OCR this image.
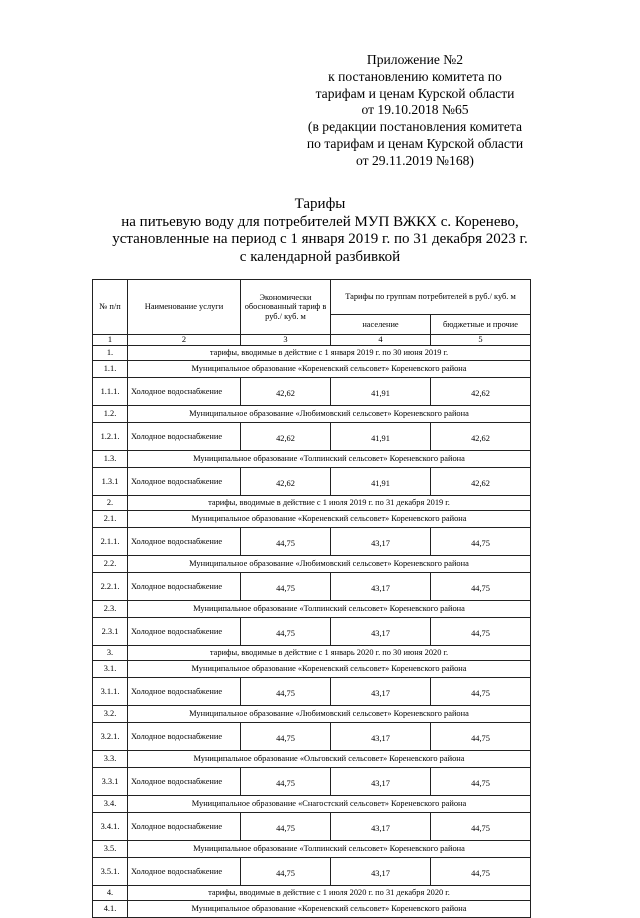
Приложение №2
к постановлению комитета по
тарифам и ценам Курской области
от 19.10.2018 №65
(в редакции постановления комитета
по тарифам и ценам Курской области
от 29.11.2019 №168)
Тарифы
на питьевую воду для потребителей МУП ВЖКХ с. Коренево,
установленные на период с 1 января 2019 г. по 31 декабря 2023 г.
с календарной разбивкой
№ п/п	Наименование услуги	Экономически обоснованный тариф в руб./ куб. м	Тарифы по группам потребителей в руб./ куб. м	
			население	бюджетные и прочие
1	2	3	4	5
1.	тарифы, вводимые в действие с 1 января 2019 г. по 30 июня 2019 г.			
1.1.	Муниципальное образование «Кореневский сельсовет» Кореневского района			
1.1.1.	Холодное водоснабжение	42,62	41,91	42,62
1.2.	Муниципальное образование «Любимовский сельсовет» Кореневского района			
1.2.1.	Холодное водоснабжение	42,62	41,91	42,62
1.3.	Муниципальное образование «Толпинский сельсовет» Кореневского района			
1.3.1	Холодное водоснабжение	42,62	41,91	42,62
2.	тарифы, вводимые в действие с 1 июля 2019 г. по 31 декабря 2019 г.			
2.1.	Муниципальное образование «Кореневский сельсовет» Кореневского района			
2.1.1.	Холодное водоснабжение	44,75	43,17	44,75
2.2.	Муниципальное образование «Любимовский сельсовет» Кореневского района			
2.2.1.	Холодное водоснабжение	44,75	43,17	44,75
2.3.	Муниципальное образование «Толпинский сельсовет» Кореневского района			
2.3.1	Холодное водоснабжение	44,75	43,17	44,75
3.	тарифы, вводимые в действие с 1 январь 2020 г. по 30 июня 2020 г.			
3.1.	Муниципальное образование «Кореневский сельсовет» Кореневского района			
3.1.1.	Холодное водоснабжение	44,75	43,17	44,75
3.2.	Муниципальное образование «Любимовский сельсовет» Кореневского района			
3.2.1.	Холодное водоснабжение	44,75	43,17	44,75
3.3.	Муниципальное образование «Ольговский сельсовет» Кореневского района			
3.3.1	Холодное водоснабжение	44,75	43,17	44,75
3.4.	Муниципальное образование «Снагостский сельсовет» Кореневского района			
3.4.1.	Холодное водоснабжение	44,75	43,17	44,75
3.5.	Муниципальное образование «Толпинский сельсовет» Кореневского района			
3.5.1.	Холодное водоснабжение	44,75	43,17	44,75
4.	тарифы, вводимые в действие с 1 июля 2020 г. по 31 декабря 2020 г.			
4.1.	Муниципальное образование «Кореневский сельсовет» Кореневского района			
